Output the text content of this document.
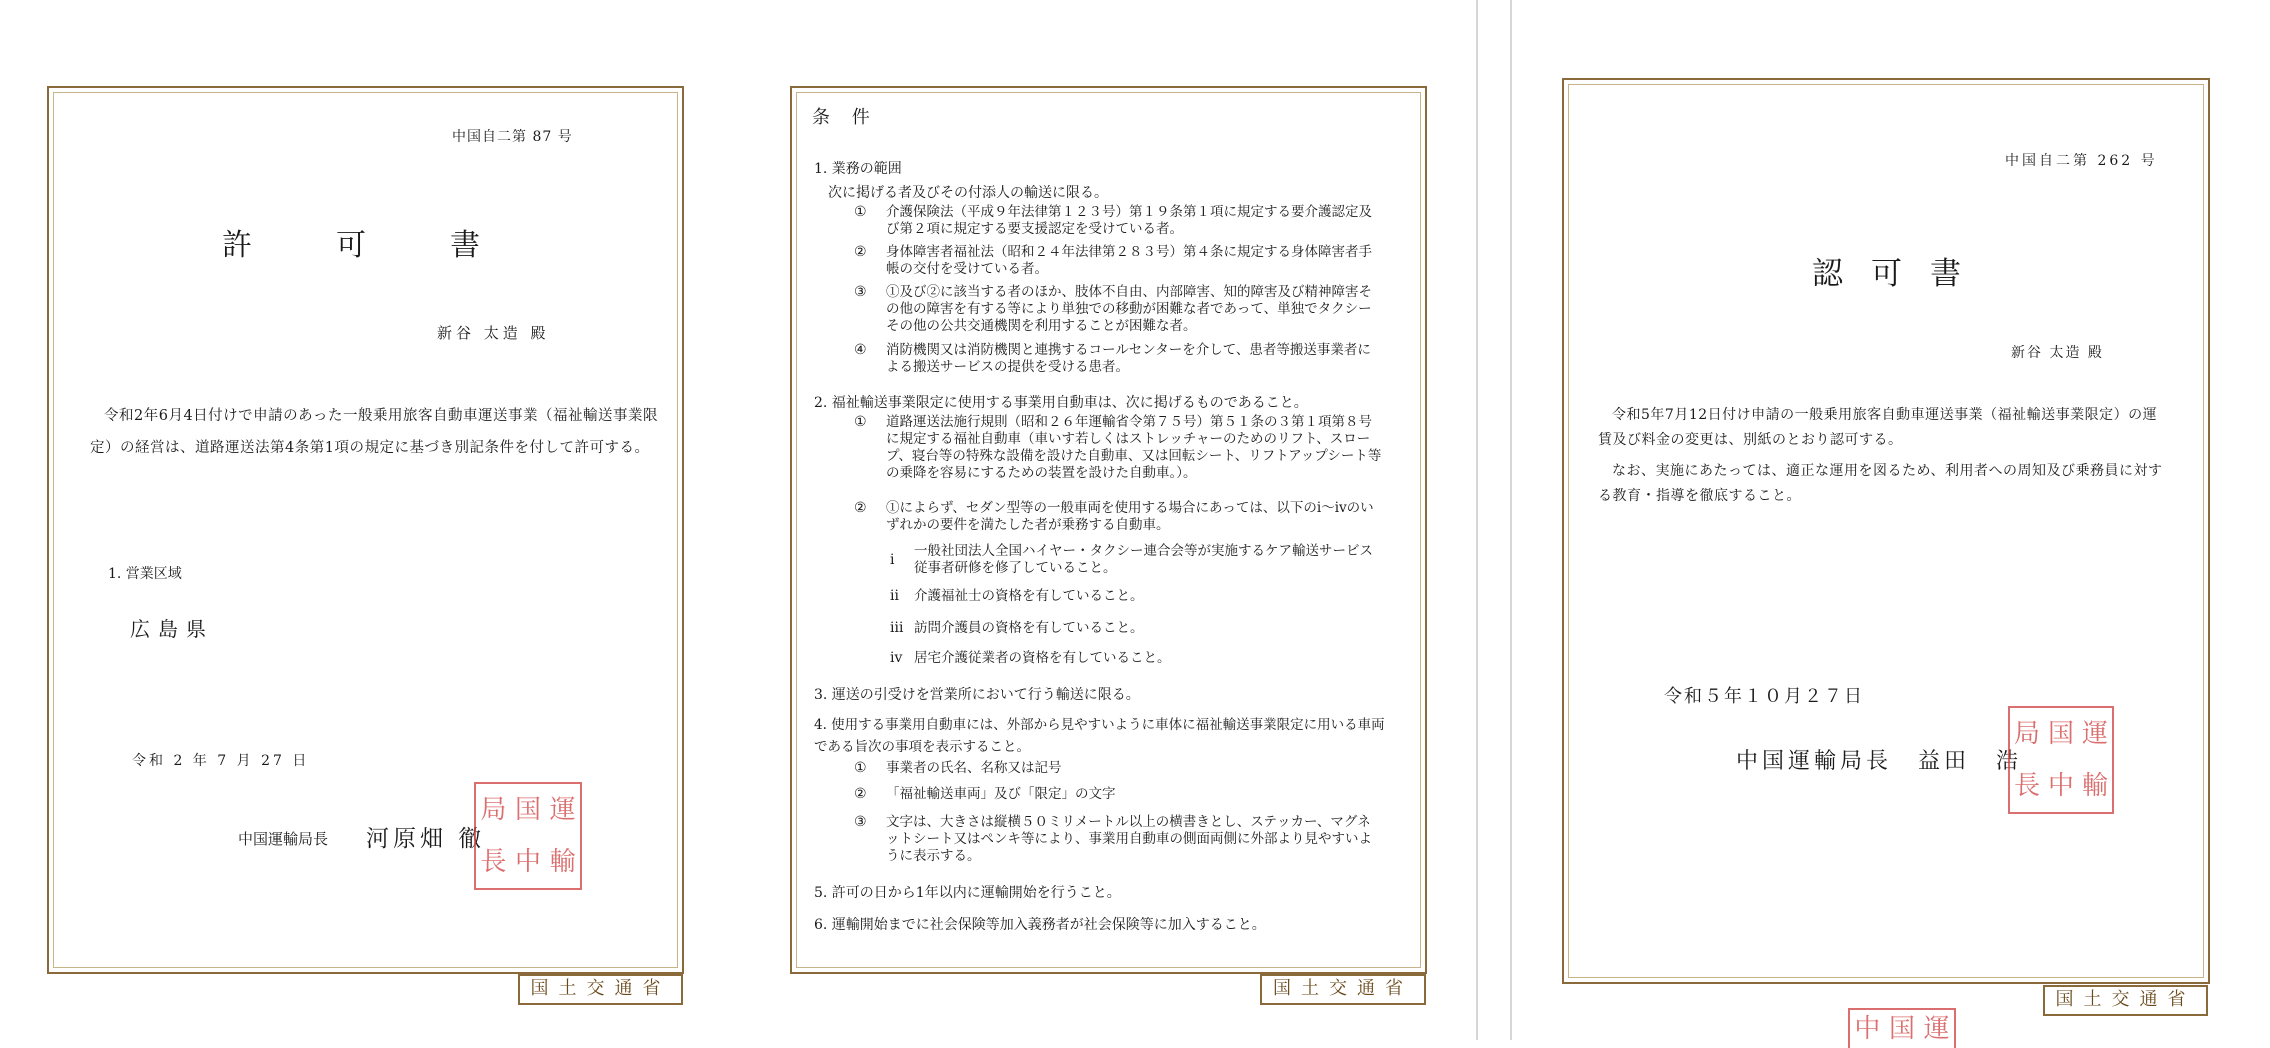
中国自二第 87 号
許可書
新谷 太造 殿
令和2年6月4日付けで申請のあった一般乗用旅客自動車運送事業（福祉輸送事業限定）の経営は、道路運送法第4条第1項の規定に基づき別記条件を付して許可する。
1. 営業区域
広島県
令和 2 年 7 月 27 日
中国運輸局長 河原畑 徹
局 国 運
長 中 輸
国土交通省	国土交通省
条 件
1. 業務の範囲
次に掲げる者及びその付添人の輸送に限る。
① 介護保険法（平成９年法律第１２３号）第１９条第１項に規定する要介護認定及び第２項に規定する要支援認定を受けている者。
② 身体障害者福祉法（昭和２４年法律第２８３号）第４条に規定する身体障害者手帳の交付を受けている者。
③ ①及び②に該当する者のほか、肢体不自由、内部障害、知的障害及び精神障害その他の障害を有する等により単独での移動が困難な者であって、単独でタクシーその他の公共交通機関を利用することが困難な者。
④ 消防機関又は消防機関と連携するコールセンターを介して、患者等搬送事業者による搬送サービスの提供を受ける患者。
2. 福祉輸送事業限定に使用する事業用自動車は、次に掲げるものであること。
① 道路運送法施行規則（昭和２６年運輸省令第７５号）第５１条の３第１項第８号に規定する福祉自動車（車いす若しくはストレッチャーのためのリフト、スロープ、寝台等の特殊な設備を設けた自動車、又は回転シート、リフトアップシート等の乗降を容易にするための装置を設けた自動車。）。
② ①によらず、セダン型等の一般車両を使用する場合にあっては、以下のⅰ～ⅳのいずれかの要件を満たした者が乗務する自動車。
ⅰ
一般社団法人全国ハイヤー・タクシー連合会等が実施するケア輸送サービス従事者研修を修了していること。
ⅱ 介護福祉士の資格を有していること。
ⅲ 訪問介護員の資格を有していること。
ⅳ 居宅介護従業者の資格を有していること。
3. 運送の引受けを営業所において行う輸送に限る。
4. 使用する事業用自動車には、外部から見やすいように車体に福祉輸送事業限定に用いる車両である旨次の事項を表示すること。
① 事業者の氏名、名称又は記号
② 「福祉輸送車両」及び「限定」の文字
③ 文字は、大きさは縦横５０ミリメートル以上の横書きとし、ステッカー、マグネットシート又はペンキ等により、事業用自動車の側面両側に外部より見やすいように表示する。
5. 許可の日から1年以内に運輸開始を行うこと。
6. 運輸開始までに社会保険等加入義務者が社会保険等に加入すること。
国土交通省
中 国 運
中国自二第 262 号
認可書
新谷 太造 殿
令和5年7月12日付け申請の一般乗用旅客自動車運送事業（福祉輸送事業限定）の運賃及び料金の変更は、別紙のとおり認可する。
なお、実施にあたっては、適正な運用を図るため、利用者への周知及び乗務員に対する教育・指導を徹底すること。
令和５年１０月２７日
中国運輸局長　益田　浩
局 国 運
長 中 輸
